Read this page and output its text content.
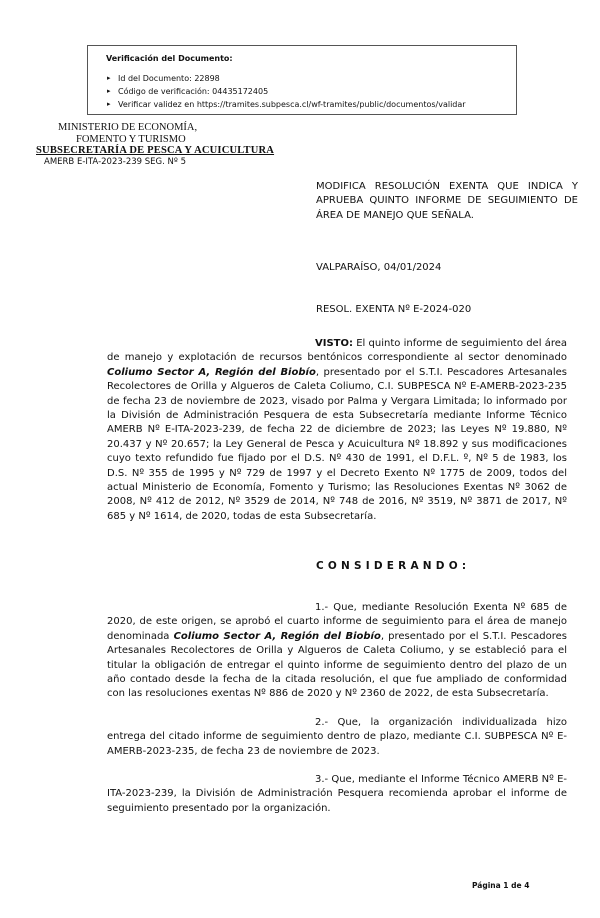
Verificación del Documento:
▸ Id del Documento: 22898
▸ Código de verificación: 04435172405
▸ Verificar validez en https://tramites.subpesca.cl/wf-tramites/public/documentos/validar
MINISTERIO DE ECONOMÍA,
FOMENTO Y TURISMO
SUBSECRETARÍA DE PESCA Y ACUICULTURA
AMERB E-ITA-2023-239 SEG. Nº 5
MODIFICA RESOLUCIÓN EXENTA QUE INDICA Y APRUEBA QUINTO INFORME DE SEGUIMIENTO DE ÁREA DE MANEJO QUE SEÑALA.
VALPARAÍSO, 04/01/2024
RESOL. EXENTA Nº E-2024-020
VISTO: El quinto informe de seguimiento del área de manejo y explotación de recursos bentónicos correspondiente al sector denominado Coliumo Sector A, Región del Biobío, presentado por el S.T.I. Pescadores Artesanales Recolectores de Orilla y Algueros de Caleta Coliumo, C.I. SUBPESCA Nº E-AMERB-2023-235 de fecha 23 de noviembre de 2023, visado por Palma y Vergara Limitada; lo informado por la División de Administración Pesquera de esta Subsecretaría mediante Informe Técnico AMERB Nº E-ITA-2023-239, de fecha 22 de diciembre de 2023; las Leyes Nº 19.880, Nº 20.437 y Nº 20.657; la Ley General de Pesca y Acuicultura Nº 18.892 y sus modificaciones cuyo texto refundido fue fijado por el D.S. Nº 430 de 1991, el D.F.L. º, Nº 5 de 1983, los D.S. Nº 355 de 1995 y Nº 729 de 1997 y el Decreto Exento Nº 1775 de 2009, todos del actual Ministerio de Economía, Fomento y Turismo; las Resoluciones Exentas Nº 3062 de 2008, Nº 412 de 2012, Nº 3529 de 2014, Nº 748 de 2016, Nº 3519, Nº 3871 de 2017, Nº 685 y Nº 1614, de 2020, todas de esta Subsecretaría.
CONSIDERANDO:
1.- Que, mediante Resolución Exenta Nº 685 de 2020, de este origen, se aprobó el cuarto informe de seguimiento para el área de manejo denominada Coliumo Sector A, Región del Biobío, presentado por el S.T.I. Pescadores Artesanales Recolectores de Orilla y Algueros de Caleta Coliumo, y se estableció para el titular la obligación de entregar el quinto informe de seguimiento dentro del plazo de un año contado desde la fecha de la citada resolución, el que fue ampliado de conformidad con las resoluciones exentas Nº 886 de 2020 y Nº 2360 de 2022, de esta Subsecretaría.
2.- Que, la organización individualizada hizo entrega del citado informe de seguimiento dentro de plazo, mediante C.I. SUBPESCA Nº E-AMERB-2023-235, de fecha 23 de noviembre de 2023.
3.- Que, mediante el Informe Técnico AMERB Nº E-ITA-2023-239, la División de Administración Pesquera recomienda aprobar el informe de seguimiento presentado por la organización.
Página 1 de 4
